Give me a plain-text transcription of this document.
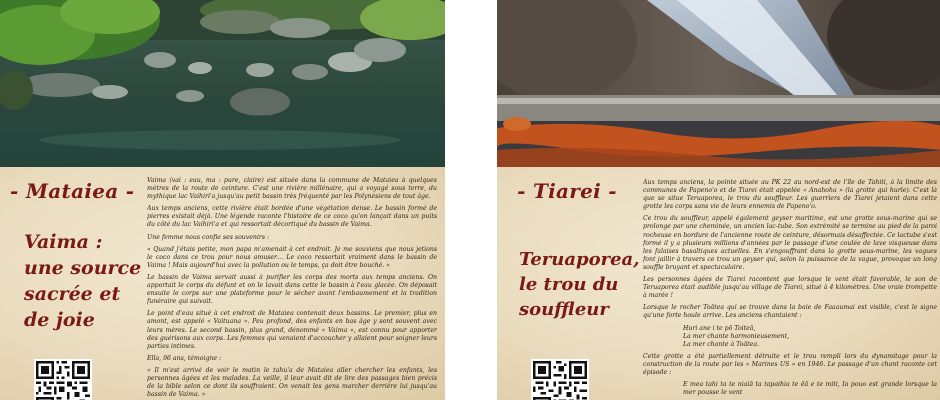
- Mataiea -
Vaima : une source sacrée et de joie

Vaima (vai : eau, ma : pure, claire) est située dans la commune de Mataiea à quelques mètres de la route de ceinture. C'est une rivière millénaire, qui a voyagé sous terre, du mythique lac Vaihiri'a jusqu'au petit bassin très fréquenté par les Polynésiens de tout âge.

Aux temps anciens, cette rivière était bordée d'une végétation dense. Le bassin formé de pierres existait déjà. Une légende raconte l'histoire de ce coco qu'on lançait dans un puits du côté du lac Vaihiri'a et qui ressortait décortiqué du bassin de Vaima.

Une femme nous confie ses souvenirs :

« Quand j'étais petite, mon papa m'amenait à cet endroit. Je me souviens que nous jetions le coco dans ce trou pour nous amuser… Le coco ressortait vraiment dans le bassin de Vaima ! Mais aujourd'hui avec la pollution ou le temps, ça doit être bouché. »

Le bassin de Vaima servait aussi à purifier les corps des morts aux temps anciens. On apportait le corps du défunt et on le lavait dans cette le bassin à l'eau glacée. On déposait ensuite le corps sur une plateforme pour le sécher avant l'embaumement et la tradition funéraire qui suivait.

Le point d'eau situé à cet endroit de Mataiea contenait deux bassins. Le premier, plus en amont, est appelé « Vaituana ». Peu profond, des enfants en bas âge y sont souvent avec leurs mères. Le second bassin, plus grand, dénommé « Vaima », est connu pour apporter des guérisons aux corps. Les femmes qui venaient d'accoucher y allaient pour soigner leurs parties intimes.

Ella, 96 ans, témoigne :

« Il m'est arrivé de voir le matin le tahu'a de Mataiea aller chercher les enfants, les personnes âgées et les malades. La veille, il leur avait dit de lire des passages bien précis de la bible selon ce dont ils souffraient. On venait les gens marcher derrière lui jusqu'au bassin de Vaima. »

- Tiarei -
Teruaporea, le trou du souffleur

Aux temps anciens, la pointe située au PK 22 au nord-est de l'île de Tahiti, à la limite des communes de Papeno'o et de Tiarei était appelée « Anahoha » (la grotte qui hurle). C'est là que se situe Teruaporea, le trou du souffleur. Les guerriers de Tiarei jetaient dans cette grotte les corps sans vie de leurs ennemis de Papeno'o.

Ce trou du souffleur, appelé également geyser maritime, est une grotte sous-marine qui se prolonge par une cheminée, un ancien lac-tube. Son extrémité se termine au pied de la paroi rocheuse en bordure de l'ancienne route de ceinture, désormais désaffectée. Ce lactube s'est formé il y a plusieurs millions d'années par le passage d'une coulée de lave visqueuse dans les falaises basaltiques actuelles. En s'engouffrant dans la grotte sous-marine, les vagues font jaillir à travers ce trou un geyser qui, selon la puissance de la vague, provoque un long souffle bruyant et spectaculaire.

Les personnes âgées de Tiarei racontent que lorsque le vent était favorable, le son de Teruaporea était audible jusqu'au village de Tiarei, situé à 4 kilomètres. Une vraie trompette à marée !

Lorsque le rocher Toātea qui se trouve dans la baie de Faaaumai est visible, c'est le signe qu'une forte houle arrive. Les anciens chantaient :

Huri ane i te pō Toiteā,

La mer chante harmonieusement,

La mer chante à Toātea.

Cette grotte a été partiellement détruite et le trou rempli lors du dynamitage pour la construction de la route par les « Marines US » en 1946. Le passage d'un chant raconte cet épisode :

E mea tahi ta te niaiā ta tapaihia te ēā e te miti, Ia pouo est grande lorsque la mer pousse le vent
